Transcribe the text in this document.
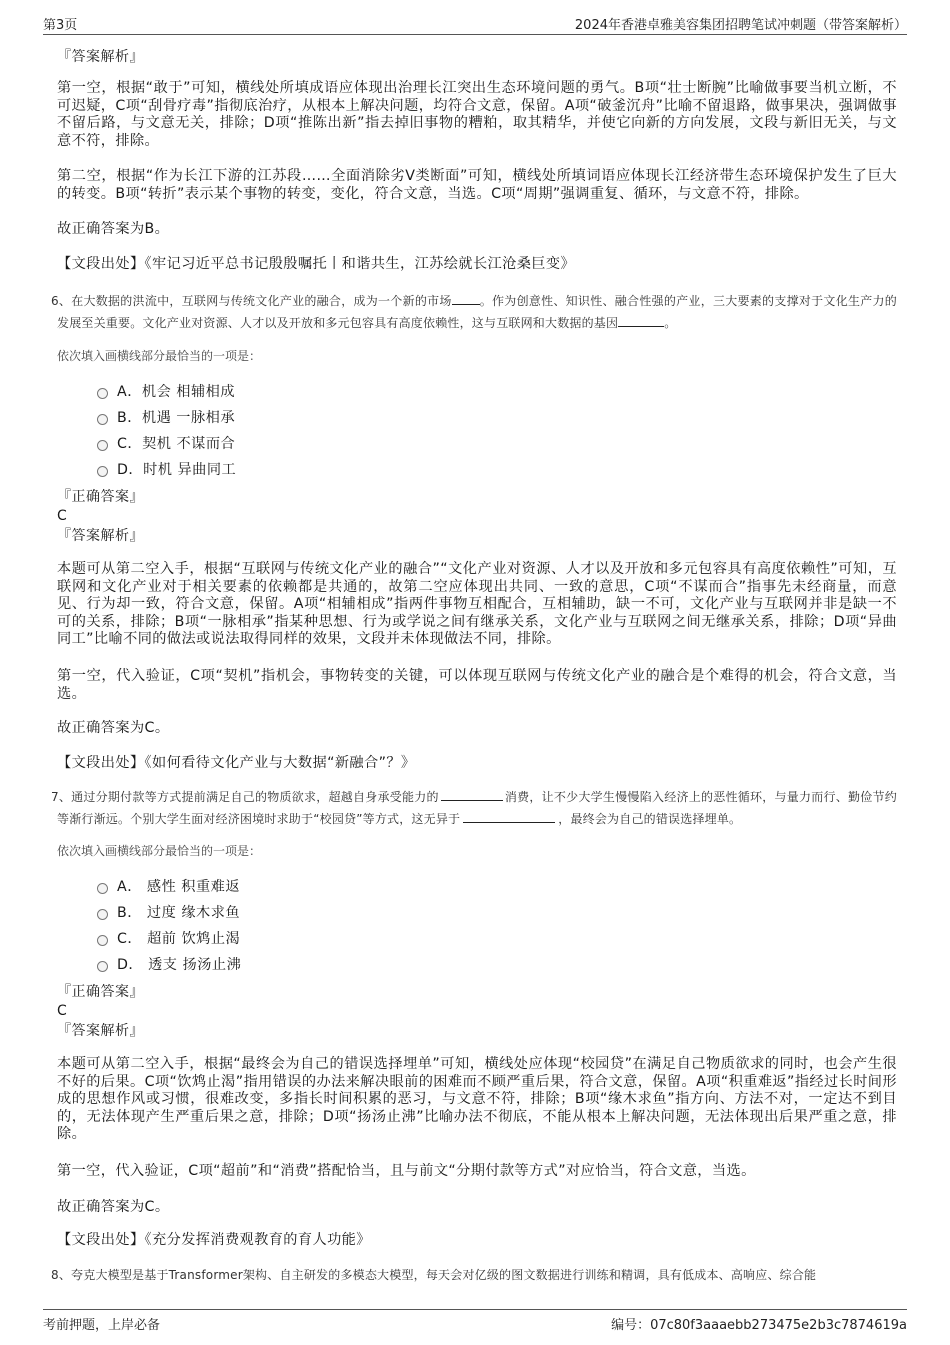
第3页	2024年香港卓雅美容集团招聘笔试冲刺题（带答案解析）
『答案解析』
第一空，根据“敢于”可知，横线处所填成语应体现出治理长江突出生态环境问题的勇气。B项“壮士断腕”比喻做事要当机立断，不可迟疑，C项“刮骨疗毒”指彻底治疗，从根本上解决问题，均符合文意，保留。A项“破釜沉舟”比喻不留退路，做事果决，强调做事不留后路，与文意无关，排除；D项“推陈出新”指去掉旧事物的糟粕，取其精华，并使它向新的方向发展，文段与新旧无关，与文意不符，排除。
第二空，根据“作为长江下游的江苏段……全面消除劣V类断面”可知，横线处所填词语应体现长江经济带生态环境保护发生了巨大的转变。B项“转折”表示某个事物的转变，变化，符合文意，当选。C项“周期”强调重复、循环，与文意不符，排除。
故正确答案为B。
【文段出处】《牢记习近平总书记殷殷嘱托丨和谐共生，江苏绘就长江沧桑巨变》
6、在大数据的洪流中，互联网与传统文化产业的融合，成为一个新的市场 。作为创意性、知识性、融合性强的产业，三大要素的支撑对于文化生产力的发展至关重要。文化产业对资源、人才以及开放和多元包容具有高度依赖性，这与互联网和大数据的基因	。
依次填入画横线部分最恰当的一项是：
A．机会 相辅相成
B．机遇 一脉相承
C．契机 不谋而合
D．时机 异曲同工
『正确答案』
C
『答案解析』
本题可从第二空入手，根据“互联网与传统文化产业的融合”“文化产业对资源、人才以及开放和多元包容具有高度依赖性”可知，互联网和文化产业对于相关要素的依赖都是共通的，故第二空应体现出共同、一致的意思，C项“不谋而合”指事先未经商量，而意见、行为却一致，符合文意，保留。A项“相辅相成”指两件事物互相配合，互相辅助，缺一不可，文化产业与互联网并非是缺一不可的关系，排除；B项“一脉相承”指某种思想、行为或学说之间有继承关系，文化产业与互联网之间无继承关系，排除；D项“异曲同工”比喻不同的做法或说法取得同样的效果，文段并未体现做法不同，排除。
第一空，代入验证，C项“契机”指机会，事物转变的关键，可以体现互联网与传统文化产业的融合是个难得的机会，符合文意，当选。
故正确答案为C。
【文段出处】《如何看待文化产业与大数据“新融合”？》
7、通过分期付款等方式提前满足自己的物质欲求，超越自身承受能力的	消费，让不少大学生慢慢陷入经济上的恶性循环，与量力而行、勤俭节约等渐行渐远。个别大学生面对经济困境时求助于“校园贷”等方式，这无异于	，最终会为自己的错误选择埋单。
依次填入画横线部分最恰当的一项是：
A． 感性 积重难返
B． 过度 缘木求鱼
C． 超前 饮鸩止渴
D． 透支 扬汤止沸
『正确答案』
C
『答案解析』
本题可从第二空入手，根据“最终会为自己的错误选择埋单”可知，横线处应体现“校园贷”在满足自己物质欲求的同时，也会产生很不好的后果。C项“饮鸩止渴”指用错误的办法来解决眼前的困难而不顾严重后果，符合文意，保留。A项“积重难返”指经过长时间形成的思想作风或习惯，很难改变，多指长时间积累的恶习，与文意不符，排除；B项“缘木求鱼”指方向、方法不对，一定达不到目的，无法体现产生严重后果之意，排除；D项“扬汤止沸”比喻办法不彻底，不能从根本上解决问题，无法体现出后果严重之意，排除。
第一空，代入验证，C项“超前”和“消费”搭配恰当，且与前文“分期付款等方式”对应恰当，符合文意，当选。
故正确答案为C。
【文段出处】《充分发挥消费观教育的育人功能》
8、夸克大模型是基于Transformer架构、自主研发的多模态大模型，每天会对亿级的图文数据进行训练和精调，具有低成本、高响应、综合能
考前押题，上岸必备	编号：07c80f3aaaebb273475e2b3c7874619a
